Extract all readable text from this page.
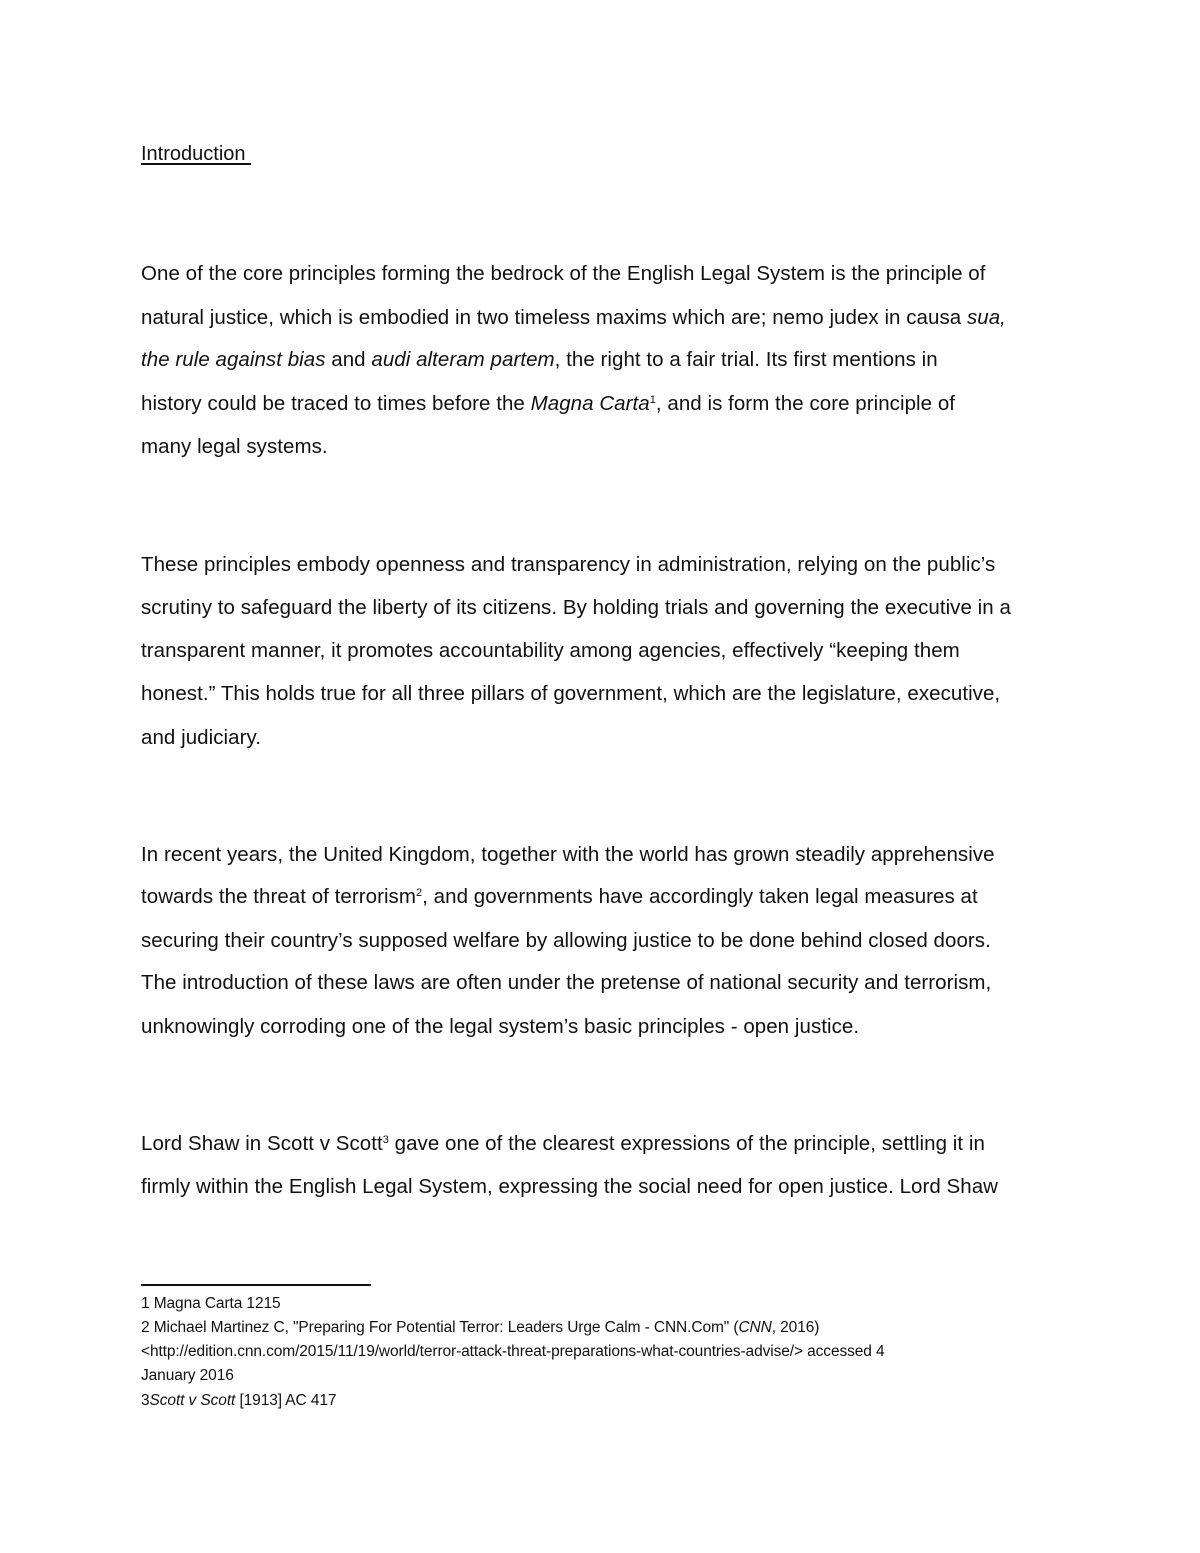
Introduction
One of the core principles forming the bedrock of the English Legal System is the principle of
natural justice, which is embodied in two timeless maxims which are; nemo judex in causa sua,
the rule against bias and audi alteram partem, the right to a fair trial. Its first mentions in
history could be traced to times before the Magna Carta$^1$, and is form the core principle of
many legal systems.
These principles embody openness and transparency in administration, relying on the public’s
scrutiny to safeguard the liberty of its citizens. By holding trials and governing the executive in a
transparent manner, it promotes accountability among agencies, effectively “keeping them
honest.” This holds true for all three pillars of government, which are the legislature, executive,
and judiciary.
In recent years, the United Kingdom, together with the world has grown steadily apprehensive
towards the threat of terrorism$^2$, and governments have accordingly taken legal measures at
securing their country’s supposed welfare by allowing justice to be done behind closed doors.
The introduction of these laws are often under the pretense of national security and terrorism,
unknowingly corroding one of the legal system’s basic principles - open justice.
Lord Shaw in Scott v Scott$^3$ gave one of the clearest expressions of the principle, settling it in
firmly within the English Legal System, expressing the social need for open justice. Lord Shaw
1 Magna Carta 1215
2 Michael Martinez C, "Preparing For Potential Terror: Leaders Urge Calm - CNN.Com" (CNN, 2016)
<http://edition.cnn.com/2015/11/19/world/terror-attack-threat-preparations-what-countries-advise/> accessed 4
January 2016
3Scott v Scott [1913] AC 417
